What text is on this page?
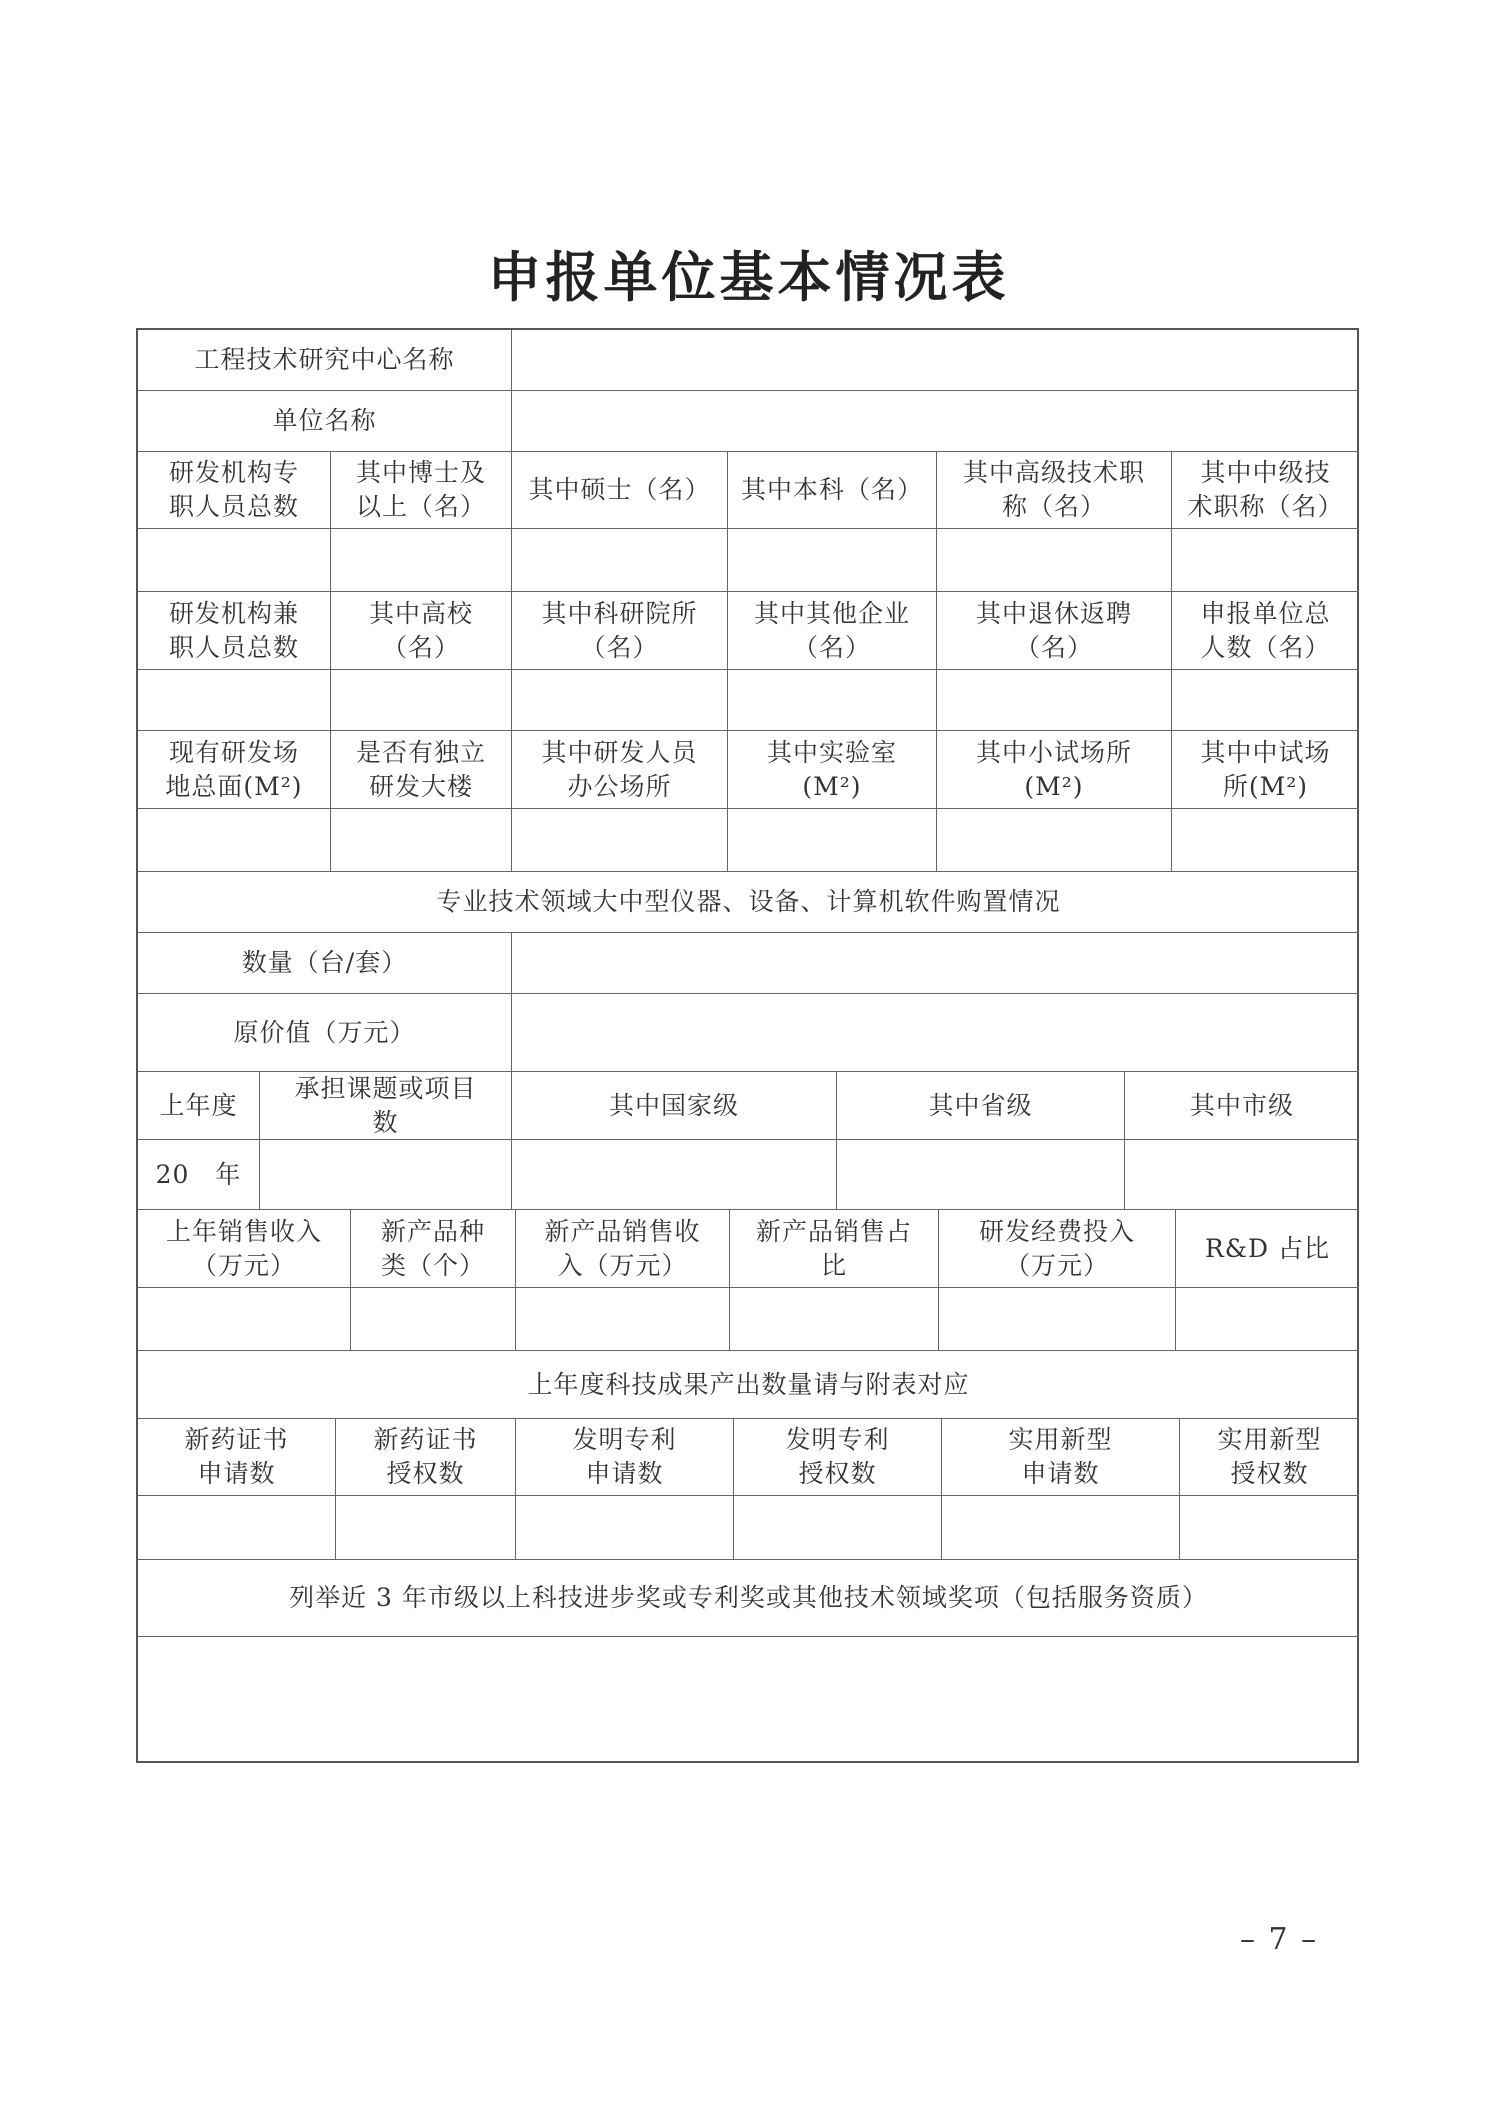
申报单位基本情况表
工程技术研究中心名称
单位名称
研发机构专
职人员总数
其中博士及
以上（名）
其中硕士（名） 其中本科（名）
其中高级技术职
称（名）
其中中级技
术职称（名）
研发机构兼
职人员总数
其中高校
（名）
其中科研院所
（名）
其中其他企业
（名）
其中退休返聘
（名）
申报单位总
人数（名）
现有研发场
地总面(M²)
是否有独立
研发大楼
其中研发人员
办公场所
其中实验室
(M²)
其中小试场所
(M²)
其中中试场
所(M²)
专业技术领域大中型仪器、设备、计算机软件购置情况
数量（台/套）
原价值（万元）
上年度
承担课题或项目
数
其中国家级	其中省级	其中市级
20　年
上年销售收入
（万元）
新产品种
类（个）
新产品销售收
入（万元）
新产品销售占
比
研发经费投入
（万元）
R&D 占比
上年度科技成果产出数量请与附表对应
新药证书
申请数
新药证书
授权数
发明专利
申请数
发明专利
授权数
实用新型
申请数
实用新型
授权数
列举近 3 年市级以上科技进步奖或专利奖或其他技术领域奖项（包括服务资质）
– 7 –
